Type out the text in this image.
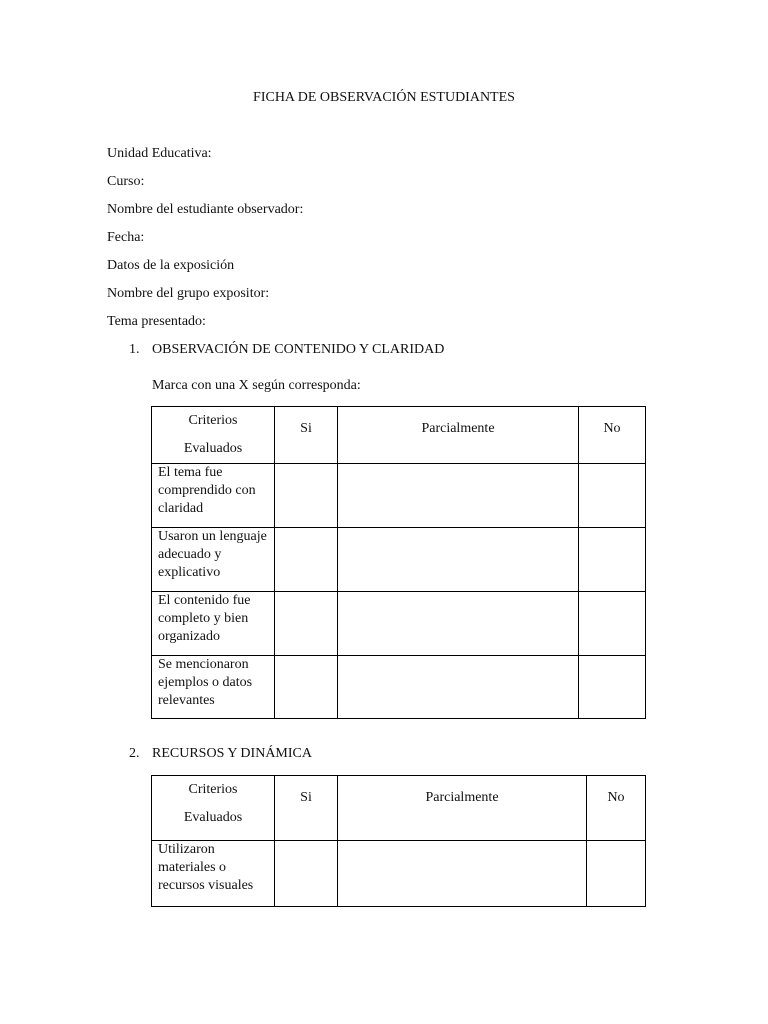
FICHA DE OBSERVACIÓN ESTUDIANTES
Unidad Educativa:
Curso:
Nombre del estudiante observador:
Fecha:
Datos de la exposición
Nombre del grupo expositor:
Tema presentado:
1. OBSERVACIÓN DE CONTENIDO Y CLARIDAD
Marca con una X según corresponda:
Criterios
Evaluados	Si	Parcialmente	No
El tema fue comprendido con claridad			
Usaron un lenguaje adecuado y explicativo			
El contenido fue completo y bien organizado			
Se mencionaron ejemplos o datos relevantes			
2. RECURSOS Y DINÁMICA
Criterios
Evaluados	Si	Parcialmente	No
Utilizaron materiales o recursos visuales			
